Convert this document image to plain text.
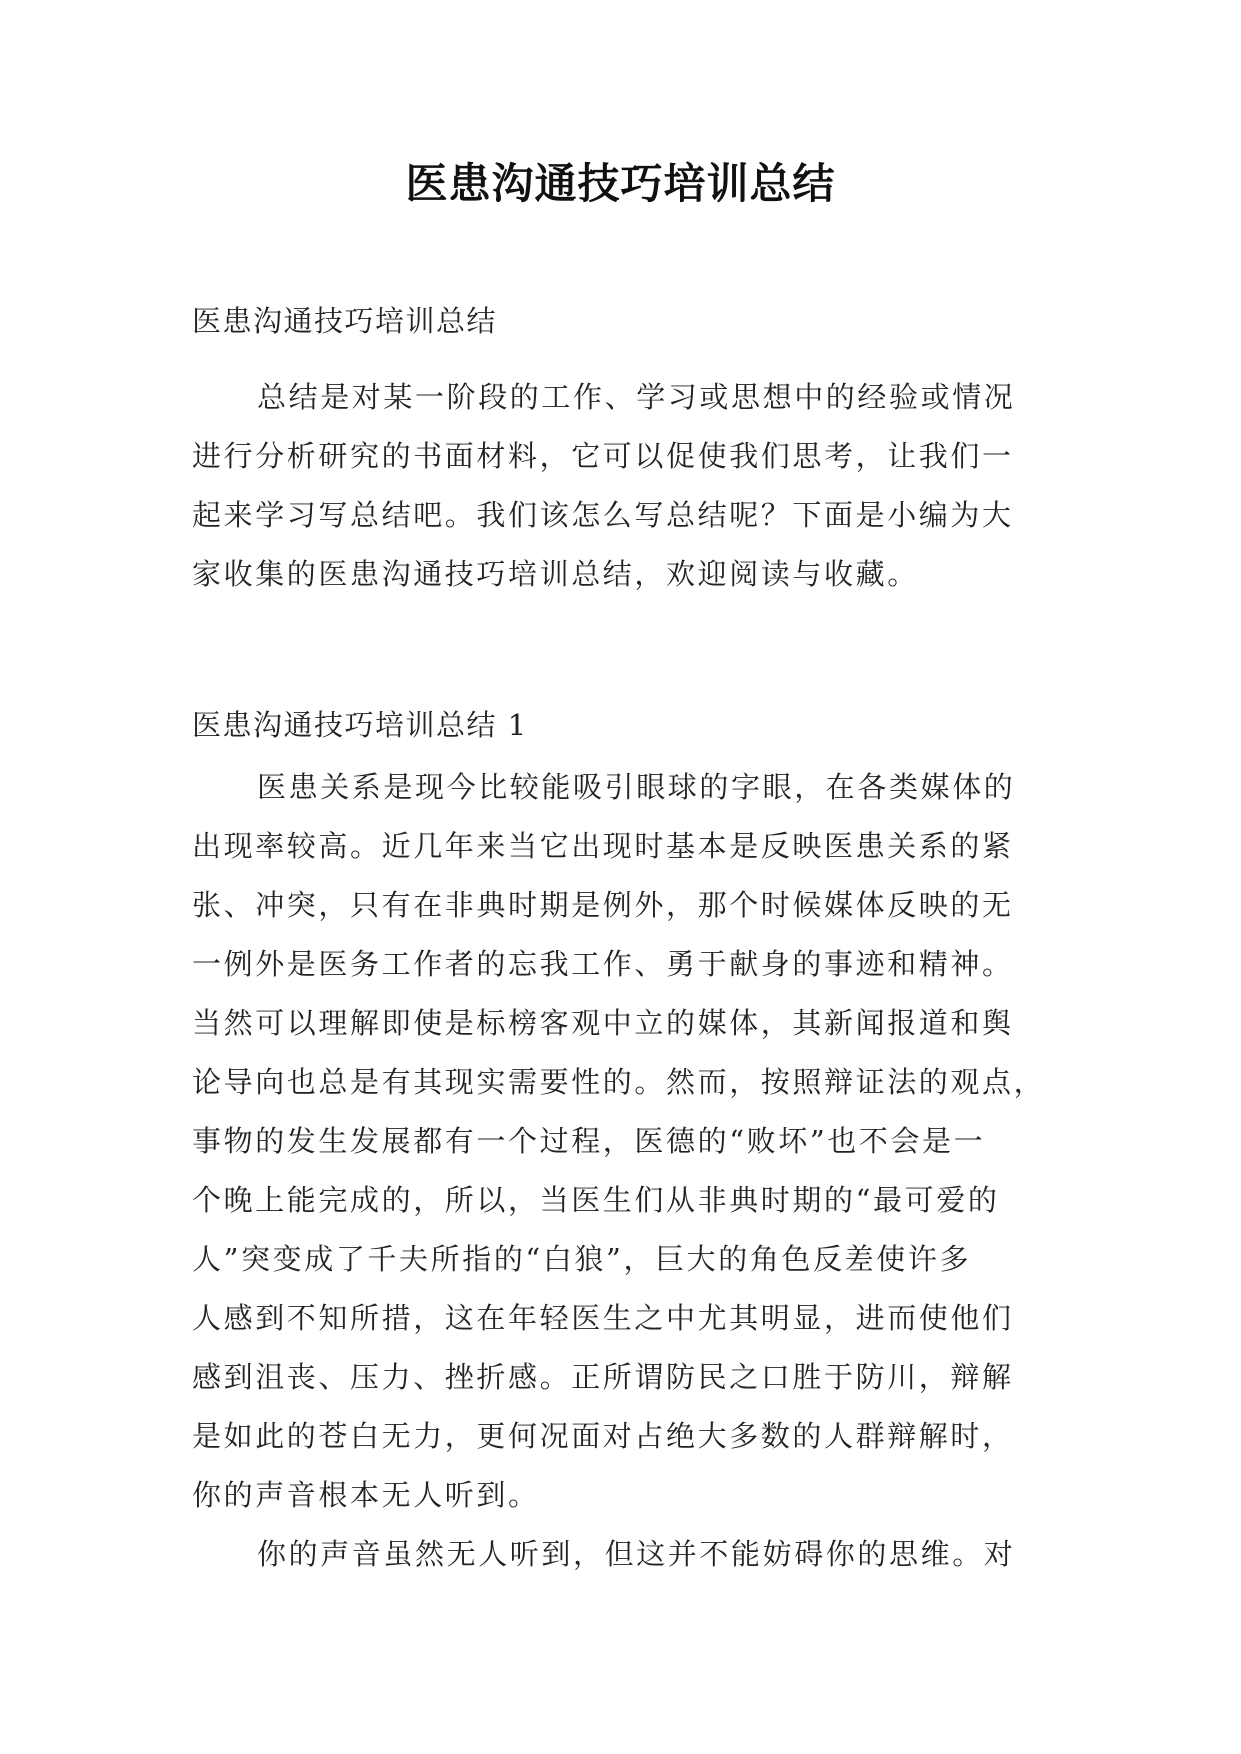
医患沟通技巧培训总结
医患沟通技巧培训总结
总结是对某一阶段的工作、学习或思想中的经验或情况
进行分析研究的书面材料，它可以促使我们思考，让我们一
起来学习写总结吧。我们该怎么写总结呢？下面是小编为大
家收集的医患沟通技巧培训总结，欢迎阅读与收藏。
医患沟通技巧培训总结 1
医患关系是现今比较能吸引眼球的字眼，在各类媒体的
出现率较高。近几年来当它出现时基本是反映医患关系的紧
张、冲突，只有在非典时期是例外，那个时候媒体反映的无
一例外是医务工作者的忘我工作、勇于献身的事迹和精神。
当然可以理解即使是标榜客观中立的媒体，其新闻报道和舆
论导向也总是有其现实需要性的。然而，按照辩证法的观点，
事物的发生发展都有一个过程，医德的“败坏”也不会是一
个晚上能完成的，所以，当医生们从非典时期的“最可爱的
人”突变成了千夫所指的“白狼”，巨大的角色反差使许多
人感到不知所措，这在年轻医生之中尤其明显，进而使他们
感到沮丧、压力、挫折感。正所谓防民之口胜于防川，辩解
是如此的苍白无力，更何况面对占绝大多数的人群辩解时，
你的声音根本无人听到。
你的声音虽然无人听到，但这并不能妨碍你的思维。对
